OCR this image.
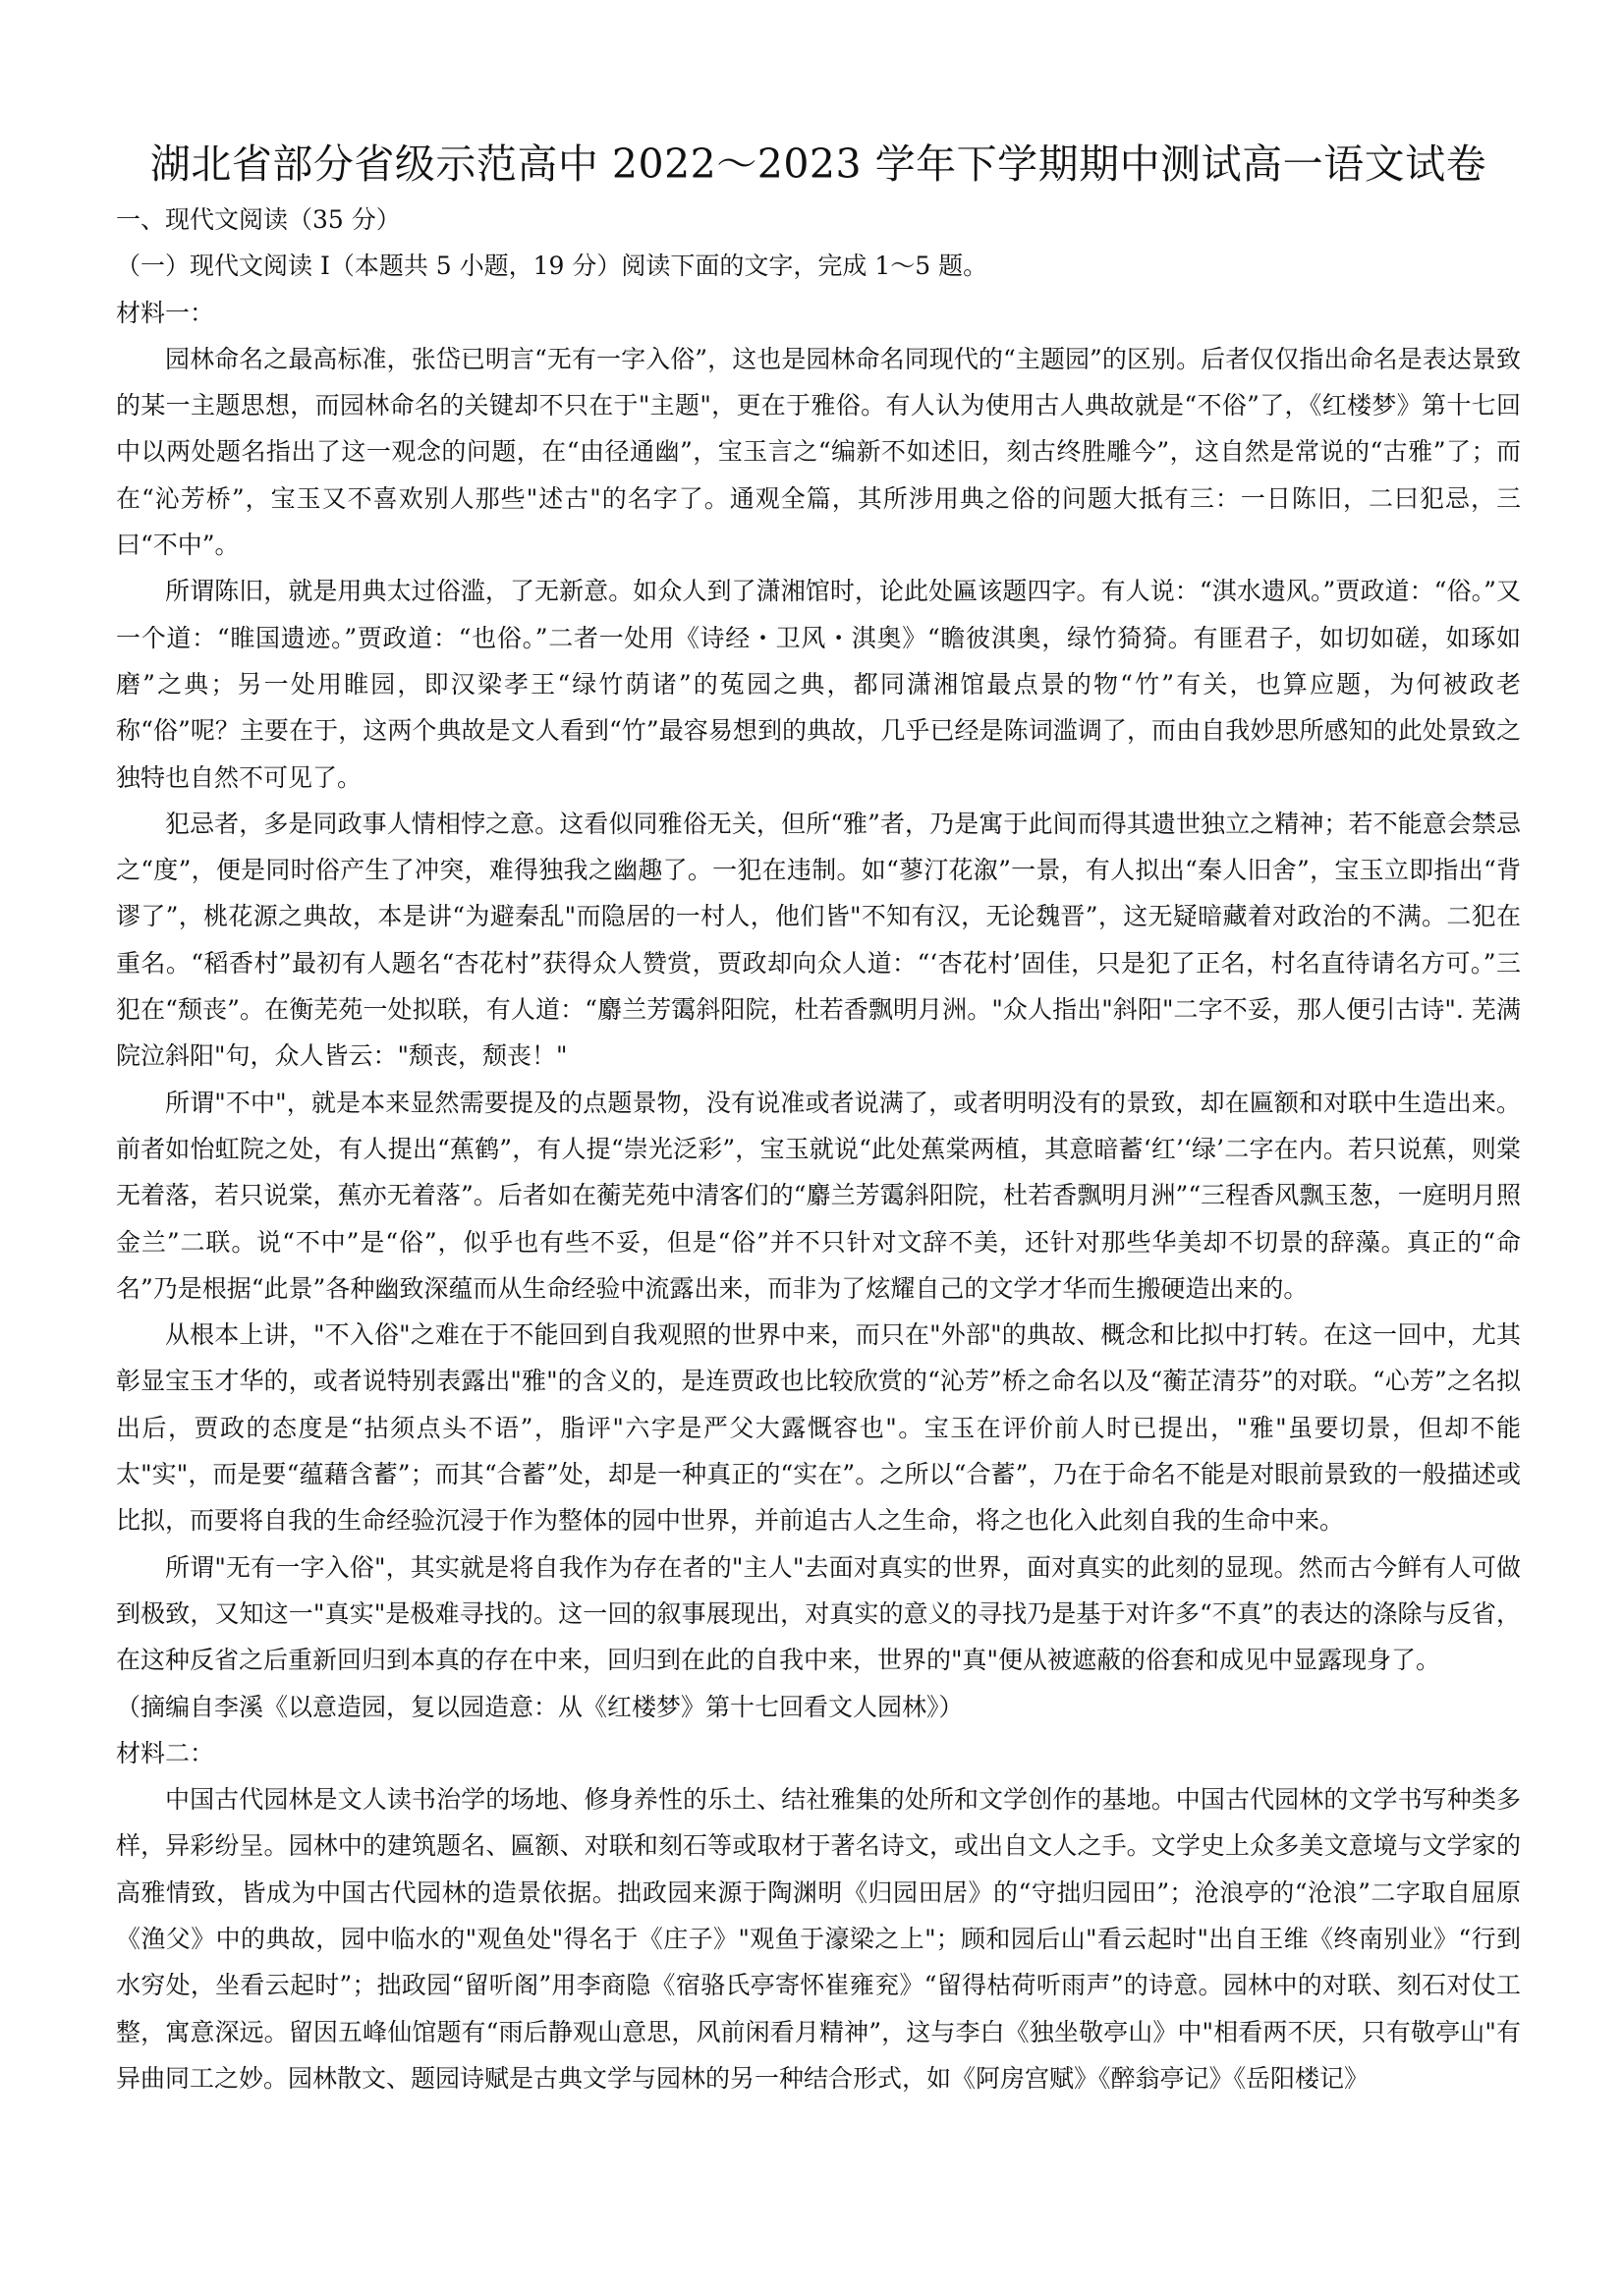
湖北省部分省级示范高中 2022～2023 学年下学期期中测试高一语文试卷
一、现代文阅读（35 分）
（一）现代文阅读 I（本题共 5 小题，19 分）阅读下面的文字，完成 1～5 题。
材料一：

园林命名之最高标准，张岱已明言“无有一字入俗”，这也是园林命名同现代的“主题园”的区别。后者仅仅指出命名是表达景致的某一主题思想，而园林命名的关键却不只在于"主题"，更在于雅俗。有人认为使用古人典故就是“不俗”了，《红楼梦》第十七回中以两处题名指出了这一观念的问题，在“由径通幽”，宝玉言之“编新不如述旧，刻古终胜雕今”，这自然是常说的“古雅”了；而在“沁芳桥”，宝玉又不喜欢别人那些"述古"的名字了。通观全篇，其所涉用典之俗的问题大抵有三：一日陈旧，二曰犯忌，三曰“不中”。

所谓陈旧，就是用典太过俗滥，了无新意。如众人到了潇湘馆时，论此处匾该题四字。有人说：“淇水遗风。”贾政道：“俗。”又一个道：“睢国遗迹。”贾政道：“也俗。”二者一处用《诗经・卫风・淇奥》“瞻彼淇奥，绿竹猗猗。有匪君子，如切如磋，如琢如磨”之典；另一处用睢园，即汉梁孝王“绿竹荫诸”的菟园之典，都同潇湘馆最点景的物“竹”有关，也算应题，为何被政老称“俗”呢？主要在于，这两个典故是文人看到“竹”最容易想到的典故，几乎已经是陈词滥调了，而由自我妙思所感知的此处景致之独特也自然不可见了。

犯忌者，多是同政事人情相悖之意。这看似同雅俗无关，但所“雅”者，乃是寓于此间而得其遗世独立之精神；若不能意会禁忌之“度”，便是同时俗产生了冲突，难得独我之幽趣了。一犯在违制。如“蓼汀花溆”一景，有人拟出“秦人旧舍”，宝玉立即指出“背谬了”，桃花源之典故，本是讲“为避秦乱"而隐居的一村人，他们皆"不知有汉，无论魏晋”，这无疑暗藏着对政治的不满。二犯在重名。“稻香村”最初有人题名“杏花村”获得众人赞赏，贾政却向众人道：“‘杏花村’固佳，只是犯了正名，村名直待请名方可。”三犯在“颓丧”。在衡芜苑一处拟联，有人道：“麝兰芳霭斜阳院，杜若香飘明月洲。"众人指出"斜阳"二字不妥，那人便引古诗". 芜满院泣斜阳"句，众人皆云："颓丧，颓丧！"

所谓"不中"，就是本来显然需要提及的点题景物，没有说准或者说满了，或者明明没有的景致，却在匾额和对联中生造出来。前者如怡虹院之处，有人提出“蕉鹤”，有人提“崇光泛彩”，宝玉就说“此处蕉棠两植，其意暗蓄‘红’‘绿’二字在内。若只说蕉，则棠无着落，若只说棠，蕉亦无着落”。后者如在蘅芜苑中清客们的“麝兰芳霭斜阳院，杜若香飘明月洲”“三程香风飘玉葱，一庭明月照金兰”二联。说“不中”是“俗”，似乎也有些不妥，但是“俗”并不只针对文辞不美，还针对那些华美却不切景的辞藻。真正的“命名”乃是根据“此景”各种幽致深蕴而从生命经验中流露出来，而非为了炫耀自己的文学才华而生搬硬造出来的。

从根本上讲，"不入俗"之难在于不能回到自我观照的世界中来，而只在"外部"的典故、概念和比拟中打转。在这一回中，尤其彰显宝玉才华的，或者说特别表露出"雅"的含义的，是连贾政也比较欣赏的“沁芳”桥之命名以及“蘅芷清芬”的对联。“心芳”之名拟出后，贾政的态度是“拈须点头不语”，脂评"六字是严父大露慨容也"。宝玉在评价前人时已提出，"雅"虽要切景，但却不能太"实"，而是要“蕴藉含蓄”；而其“合蓄”处，却是一种真正的“实在”。之所以“合蓄”，乃在于命名不能是对眼前景致的一般描述或比拟，而要将自我的生命经验沉浸于作为整体的园中世界，并前追古人之生命，将之也化入此刻自我的生命中来。

所谓"无有一字入俗"，其实就是将自我作为存在者的"主人"去面对真实的世界，面对真实的此刻的显现。然而古今鲜有人可做到极致，又知这一"真实"是极难寻找的。这一回的叙事展现出，对真实的意义的寻找乃是基于对许多“不真”的表达的涤除与反省，在这种反省之后重新回归到本真的存在中来，回归到在此的自我中来，世界的"真"便从被遮蔽的俗套和成见中显露现身了。

（摘编自李溪《以意造园，复以园造意：从《红楼梦》第十七回看文人园林》）
材料二：

中国古代园林是文人读书治学的场地、修身养性的乐土、结社雅集的处所和文学创作的基地。中国古代园林的文学书写种类多样，异彩纷呈。园林中的建筑题名、匾额、对联和刻石等或取材于著名诗文，或出自文人之手。文学史上众多美文意境与文学家的高雅情致，皆成为中国古代园林的造景依据。拙政园来源于陶渊明《归园田居》的“守拙归园田”；沧浪亭的“沧浪”二字取自屈原《渔父》中的典故，园中临水的"观鱼处"得名于《庄子》"观鱼于濠梁之上"；顾和园后山"看云起时"出自王维《终南别业》“行到水穷处，坐看云起时”；拙政园“留听阁”用李商隐《宿骆氏亭寄怀崔雍兖》“留得枯荷听雨声”的诗意。园林中的对联、刻石对仗工整，寓意深远。留因五峰仙馆题有“雨后静观山意思，风前闲看月精神”，这与李白《独坐敬亭山》中"相看两不厌，只有敬亭山"有异曲同工之妙。园林散文、题园诗赋是古典文学与园林的另一种结合形式，如《阿房宫赋》《醉翁亭记》《岳阳楼记》
